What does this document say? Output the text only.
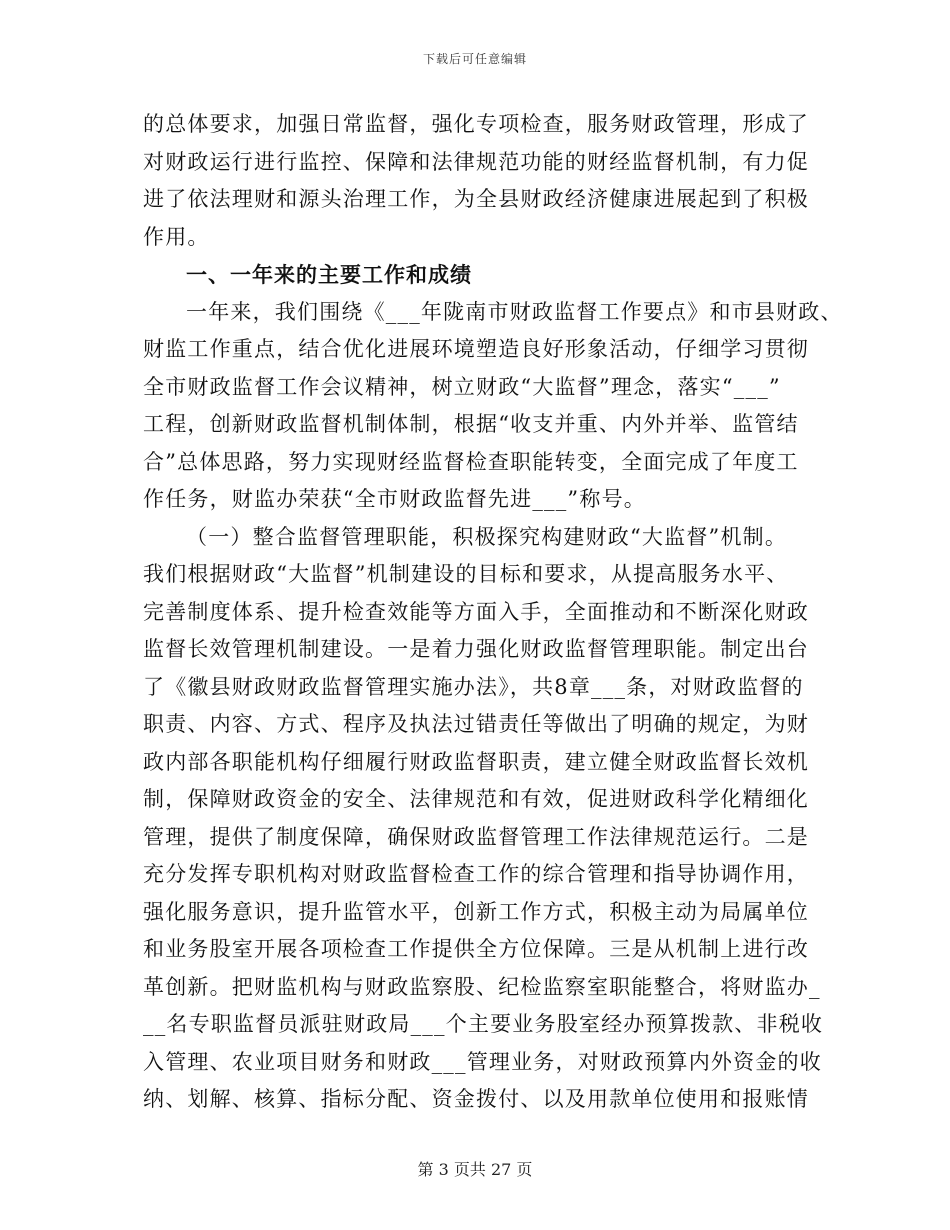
下载后可任意编辑
的总体要求，加强日常监督，强化专项检查，服务财政管理，形成了
对财政运行进行监控、保障和法律规范功能的财经监督机制，有力促
进了依法理财和源头治理工作，为全县财政经济健康进展起到了积极
作用。
一、一年来的主要工作和成绩
一年来，我们围绕《___年陇南市财政监督工作要点》和市县财政、
财监工作重点，结合优化进展环境塑造良好形象活动，仔细学习贯彻
全市财政监督工作会议精神，树立财政“大监督”理念，落实“___”
工程，创新财政监督机制体制，根据“收支并重、内外并举、监管结
合”总体思路，努力实现财经监督检查职能转变，全面完成了年度工
作任务，财监办荣获“全市财政监督先进___”称号。
（一）整合监督管理职能，积极探究构建财政“大监督”机制。
我们根据财政“大监督”机制建设的目标和要求，从提高服务水平、
完善制度体系、提升检查效能等方面入手，全面推动和不断深化财政
监督长效管理机制建设。一是着力强化财政监督管理职能。制定出台
了《徽县财政财政监督管理实施办法》，共8章___条，对财政监督的
职责、内容、方式、程序及执法过错责任等做出了明确的规定，为财
政内部各职能机构仔细履行财政监督职责，建立健全财政监督长效机
制，保障财政资金的安全、法律规范和有效，促进财政科学化精细化
管理，提供了制度保障，确保财政监督管理工作法律规范运行。二是
充分发挥专职机构对财政监督检查工作的综合管理和指导协调作用，
强化服务意识，提升监管水平，创新工作方式，积极主动为局属单位
和业务股室开展各项检查工作提供全方位保障。三是从机制上进行改
革创新。把财监机构与财政监察股、纪检监察室职能整合，将财监办_
__名专职监督员派驻财政局___个主要业务股室经办预算拨款、非税收
入管理、农业项目财务和财政___管理业务，对财政预算内外资金的收
纳、划解、核算、指标分配、资金拨付、以及用款单位使用和报账情
第 3 页共 27 页
